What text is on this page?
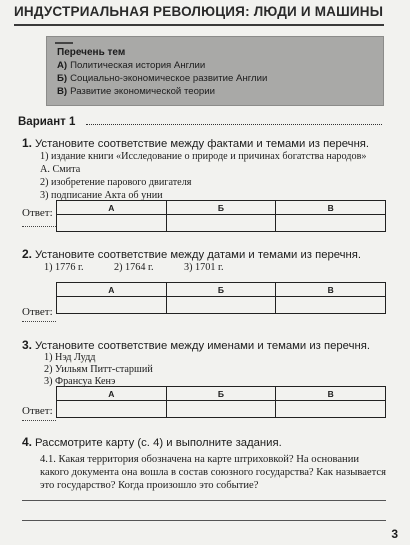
ИНДУСТРИАЛЬНАЯ РЕВОЛЮЦИЯ: ЛЮДИ И МАШИНЫ
Перечень тем
А) Политическая история Англии
Б) Социально-экономическое развитие Англии
В) Развитие экономической теории
Вариант 1
1. Установите соответствие между фактами и темами из перечня.
1) издание книги «Исследование о природе и причинах богатства народов»
А. Смита
2) изобретение парового двигателя
3) подписание Акта об унии
А	Б	В

Ответ:
2. Установите соответствие между датами и темами из перечня.
1) 1776 г.	2) 1764 г.	3) 1701 г.
А	Б	В

Ответ:
3. Установите соответствие между именами и темами из перечня.
1) Нэд Лудд
2) Уильям Питт-старший
3) Франсуа Кенэ
А	Б	В

Ответ:
4. Рассмотрите карту (с. 4) и выполните задания.
4.1. Какая территория обозначена на карте штриховкой? На основании какого документа она вошла в состав союзного государства? Как называется это государство? Когда произошло это событие?
3
